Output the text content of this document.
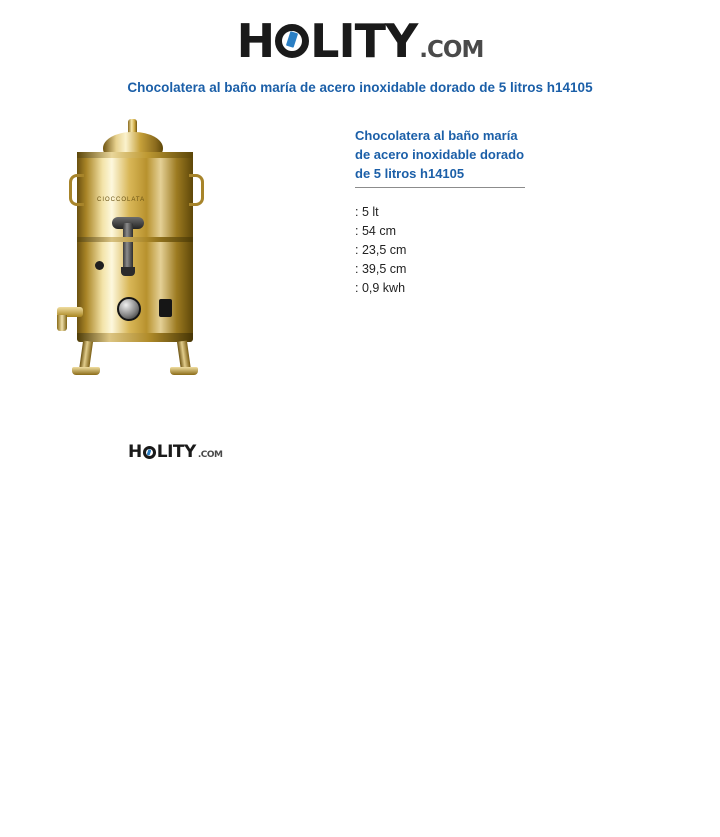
H LITY .COM
Chocolatera al baño maría de acero inoxidable dorado de 5 litros h14105
CIOCCOLATA
Chocolatera al baño maría de acero inoxidable dorado de 5 litros h14105
: 5 lt
: 54 cm
: 23,5 cm
: 39,5 cm
: 0,9 kwh
H LITY .COM
